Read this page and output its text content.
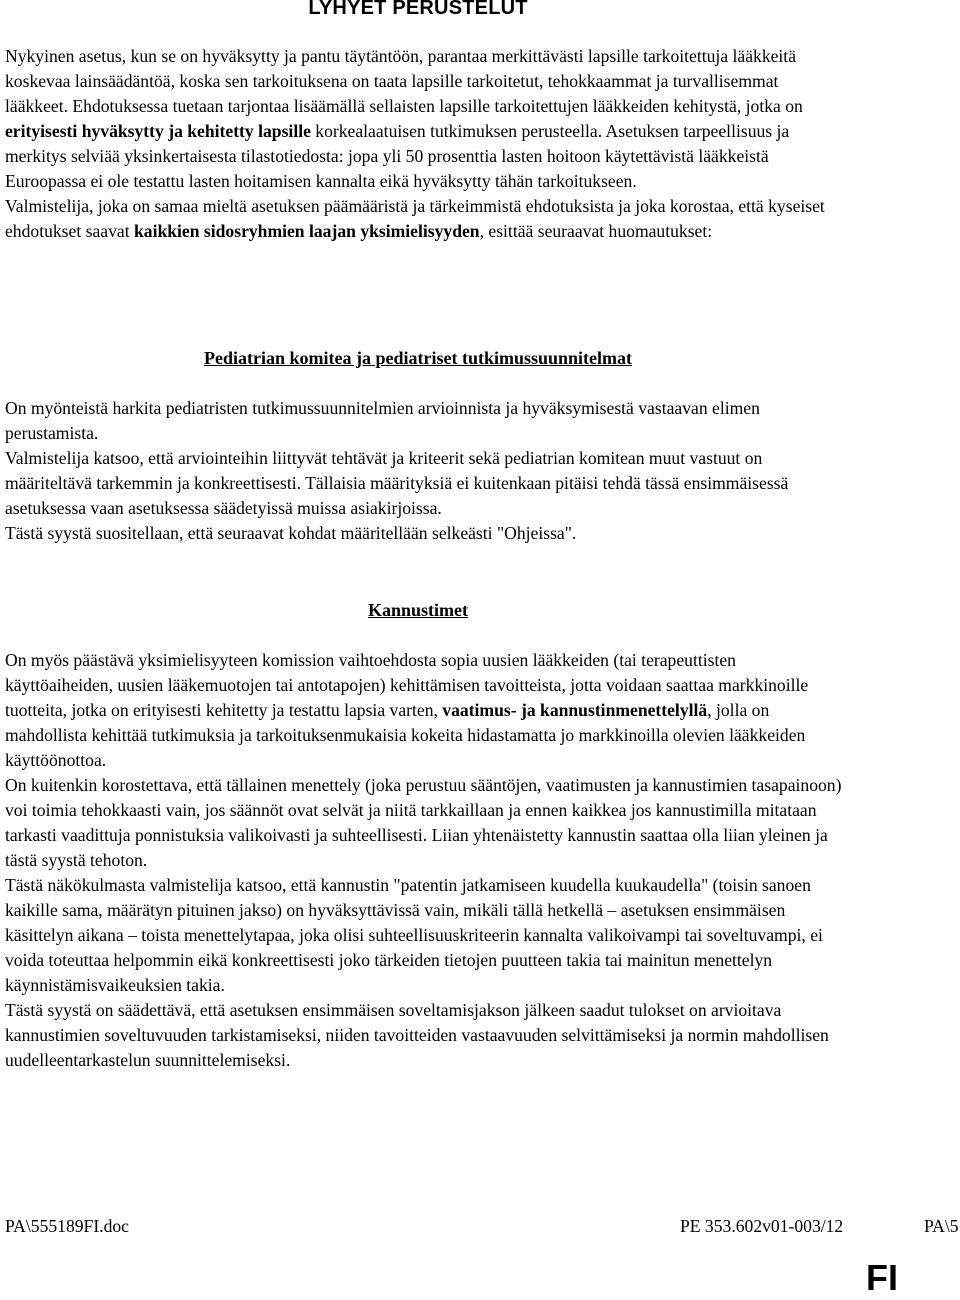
LYHYET PERUSTELUT

Nykyinen asetus, kun se on hyväksytty ja pantu täytäntöön, parantaa merkittävästi lapsille tarkoitettuja lääkkeitä koskevaa lainsäädäntöä, koska sen tarkoituksena on taata lapsille tarkoitetut, tehokkaammat ja turvallisemmat lääkkeet. Ehdotuksessa tuetaan tarjontaa lisäämällä sellaisten lapsille tarkoitettujen lääkkeiden kehitystä, jotka on erityisesti hyväksytty ja kehitetty lapsille korkealaatuisen tutkimuksen perusteella. Asetuksen tarpeellisuus ja merkitys selviää yksinkertaisesta tilastotiedosta: jopa yli 50 prosenttia lasten hoitoon käytettävistä lääkkeistä Euroopassa ei ole testattu lasten hoitamisen kannalta eikä hyväksytty tähän tarkoitukseen.
Valmistelija, joka on samaa mieltä asetuksen päämääristä ja tärkeimmistä ehdotuksista ja joka korostaa, että kyseiset ehdotukset saavat kaikkien sidosryhmien laajan yksimielisyyden, esittää seuraavat huomautukset:

Pediatrian komitea ja pediatriset tutkimussuunnitelmat

On myönteistä harkita pediatristen tutkimussuunnitelmien arvioinnista ja hyväksymisestä vastaavan elimen perustamista.
Valmistelija katsoo, että arviointeihin liittyvät tehtävät ja kriteerit sekä pediatrian komitean muut vastuut on määriteltävä tarkemmin ja konkreettisesti. Tällaisia määrityksiä ei kuitenkaan pitäisi tehdä tässä ensimmäisessä asetuksessa vaan asetuksessa säädetyissä muissa asiakirjoissa.
Tästä syystä suositellaan, että seuraavat kohdat määritellään selkeästi "Ohjeissa".

Kannustimet

On myös päästävä yksimielisyyteen komission vaihtoehdosta sopia uusien lääkkeiden (tai terapeuttisten käyttöaiheiden, uusien lääkemuotojen tai antotapojen) kehittämisen tavoitteista, jotta voidaan saattaa markkinoille tuotteita, jotka on erityisesti kehitetty ja testattu lapsia varten, vaatimus- ja kannustinmenettelyllä, jolla on mahdollista kehittää tutkimuksia ja tarkoituksenmukaisia kokeita hidastamatta jo markkinoilla olevien lääkkeiden käyttöönottoa.
On kuitenkin korostettava, että tällainen menettely (joka perustuu sääntöjen, vaatimusten ja kannustimien tasapainoon) voi toimia tehokkaasti vain, jos säännöt ovat selvät ja niitä tarkkaillaan ja ennen kaikkea jos kannustimilla mitataan tarkasti vaadittuja ponnistuksia valikoivasti ja suhteellisesti. Liian yhtenäistetty kannustin saattaa olla liian yleinen ja tästä syystä tehoton.
Tästä näkökulmasta valmistelija katsoo, että kannustin "patentin jatkamiseen kuudella kuukaudella" (toisin sanoen kaikille sama, määrätyn pituinen jakso) on hyväksyttävissä vain, mikäli tällä hetkellä – asetuksen ensimmäisen käsittelyn aikana – toista menettelytapaa, joka olisi suhteellisuuskriteerin kannalta valikoivampi tai soveltuvampi, ei voida toteuttaa helpommin eikä konkreettisesti joko tärkeiden tietojen puutteen takia tai mainitun menettelyn käynnistämisvaikeuksien takia.
Tästä syystä on säädettävä, että asetuksen ensimmäisen soveltamisjakson jälkeen saadut tulokset on arvioitava kannustimien soveltuvuuden tarkistamiseksi, niiden tavoitteiden vastaavuuden selvittämiseksi ja normin mahdollisen uudelleentarkastelun suunnittelemiseksi.

PA\555189FI.doc	PE 353.602v01-003/12	PA\5
FI
